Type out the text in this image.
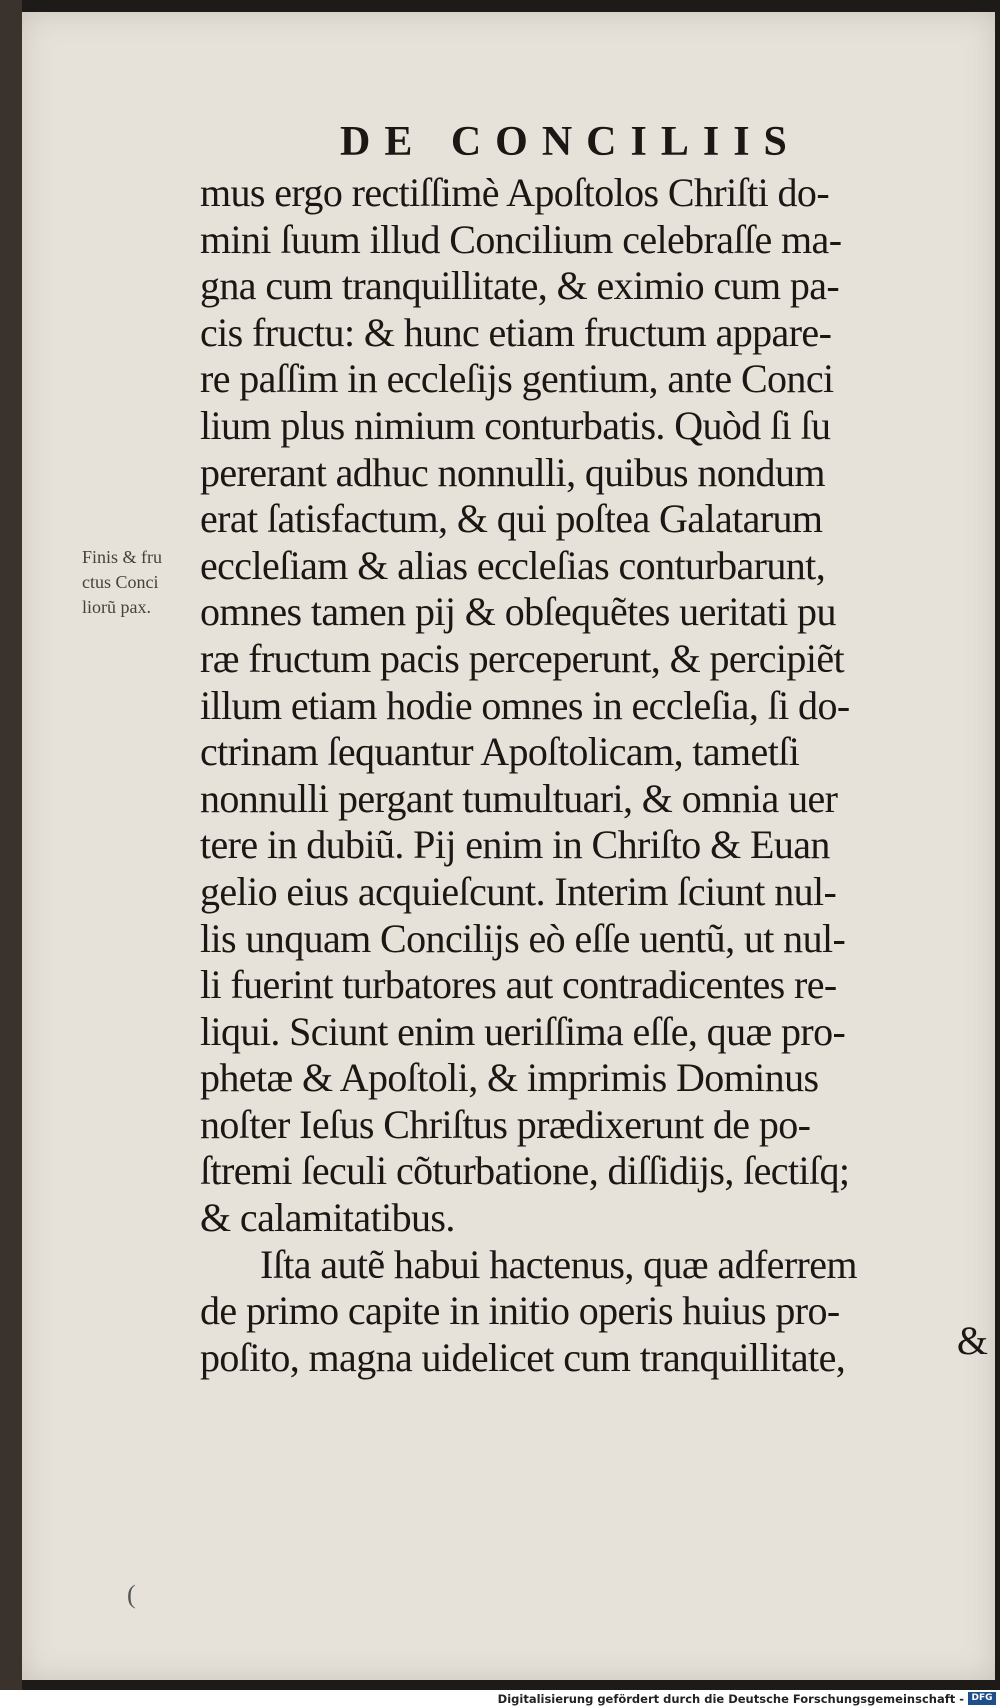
DE CONCILIIS
Finis & fru
ctus Conci
liorũ pax.
mus ergo rectiſſimè Apoſtolos Chriſti do-
mini ſuum illud Concilium celebraſſe ma-
gna cum tranquillitate, & eximio cum pa-
cis fructu: & hunc etiam fructum appare-
re paſſim in eccleſijs gentium, ante Conci
lium plus nimium conturbatis. Quòd ſi ſu
pererant adhuc nonnulli, quibus nondum
erat ſatisfactum, & qui poſtea Galatarum
eccleſiam & alias eccleſias conturbarunt,
omnes tamen pij & obſequẽtes ueritati pu
ræ fructum pacis perceperunt, & percipiẽt
illum etiam hodie omnes in eccleſia, ſi do-
ctrinam ſequantur Apoſtolicam, tametſi
nonnulli pergant tumultuari, & omnia uer
tere in dubiũ. Pij enim in Chriſto & Euan
gelio eius acquieſcunt. Interim ſciunt nul-
lis unquam Concilijs eò eſſe uentũ, ut nul-
li fuerint turbatores aut contradicentes re-
liqui. Sciunt enim ueriſſima eſſe, quæ pro-
phetæ & Apoſtoli, & imprimis Dominus
noſter Ieſus Chriſtus prædixerunt de po-
ſtremi ſeculi cõturbatione, diſſidijs, ſectiſq;
& calamitatibus.
Iſta autẽ habui hactenus, quæ adferrem
de primo capite in initio operis huius pro-
poſito, magna uidelicet cum tranquillitate,	&
(
Digitalisierung gefördert durch die Deutsche Forschungsgemeinschaft - DFG
